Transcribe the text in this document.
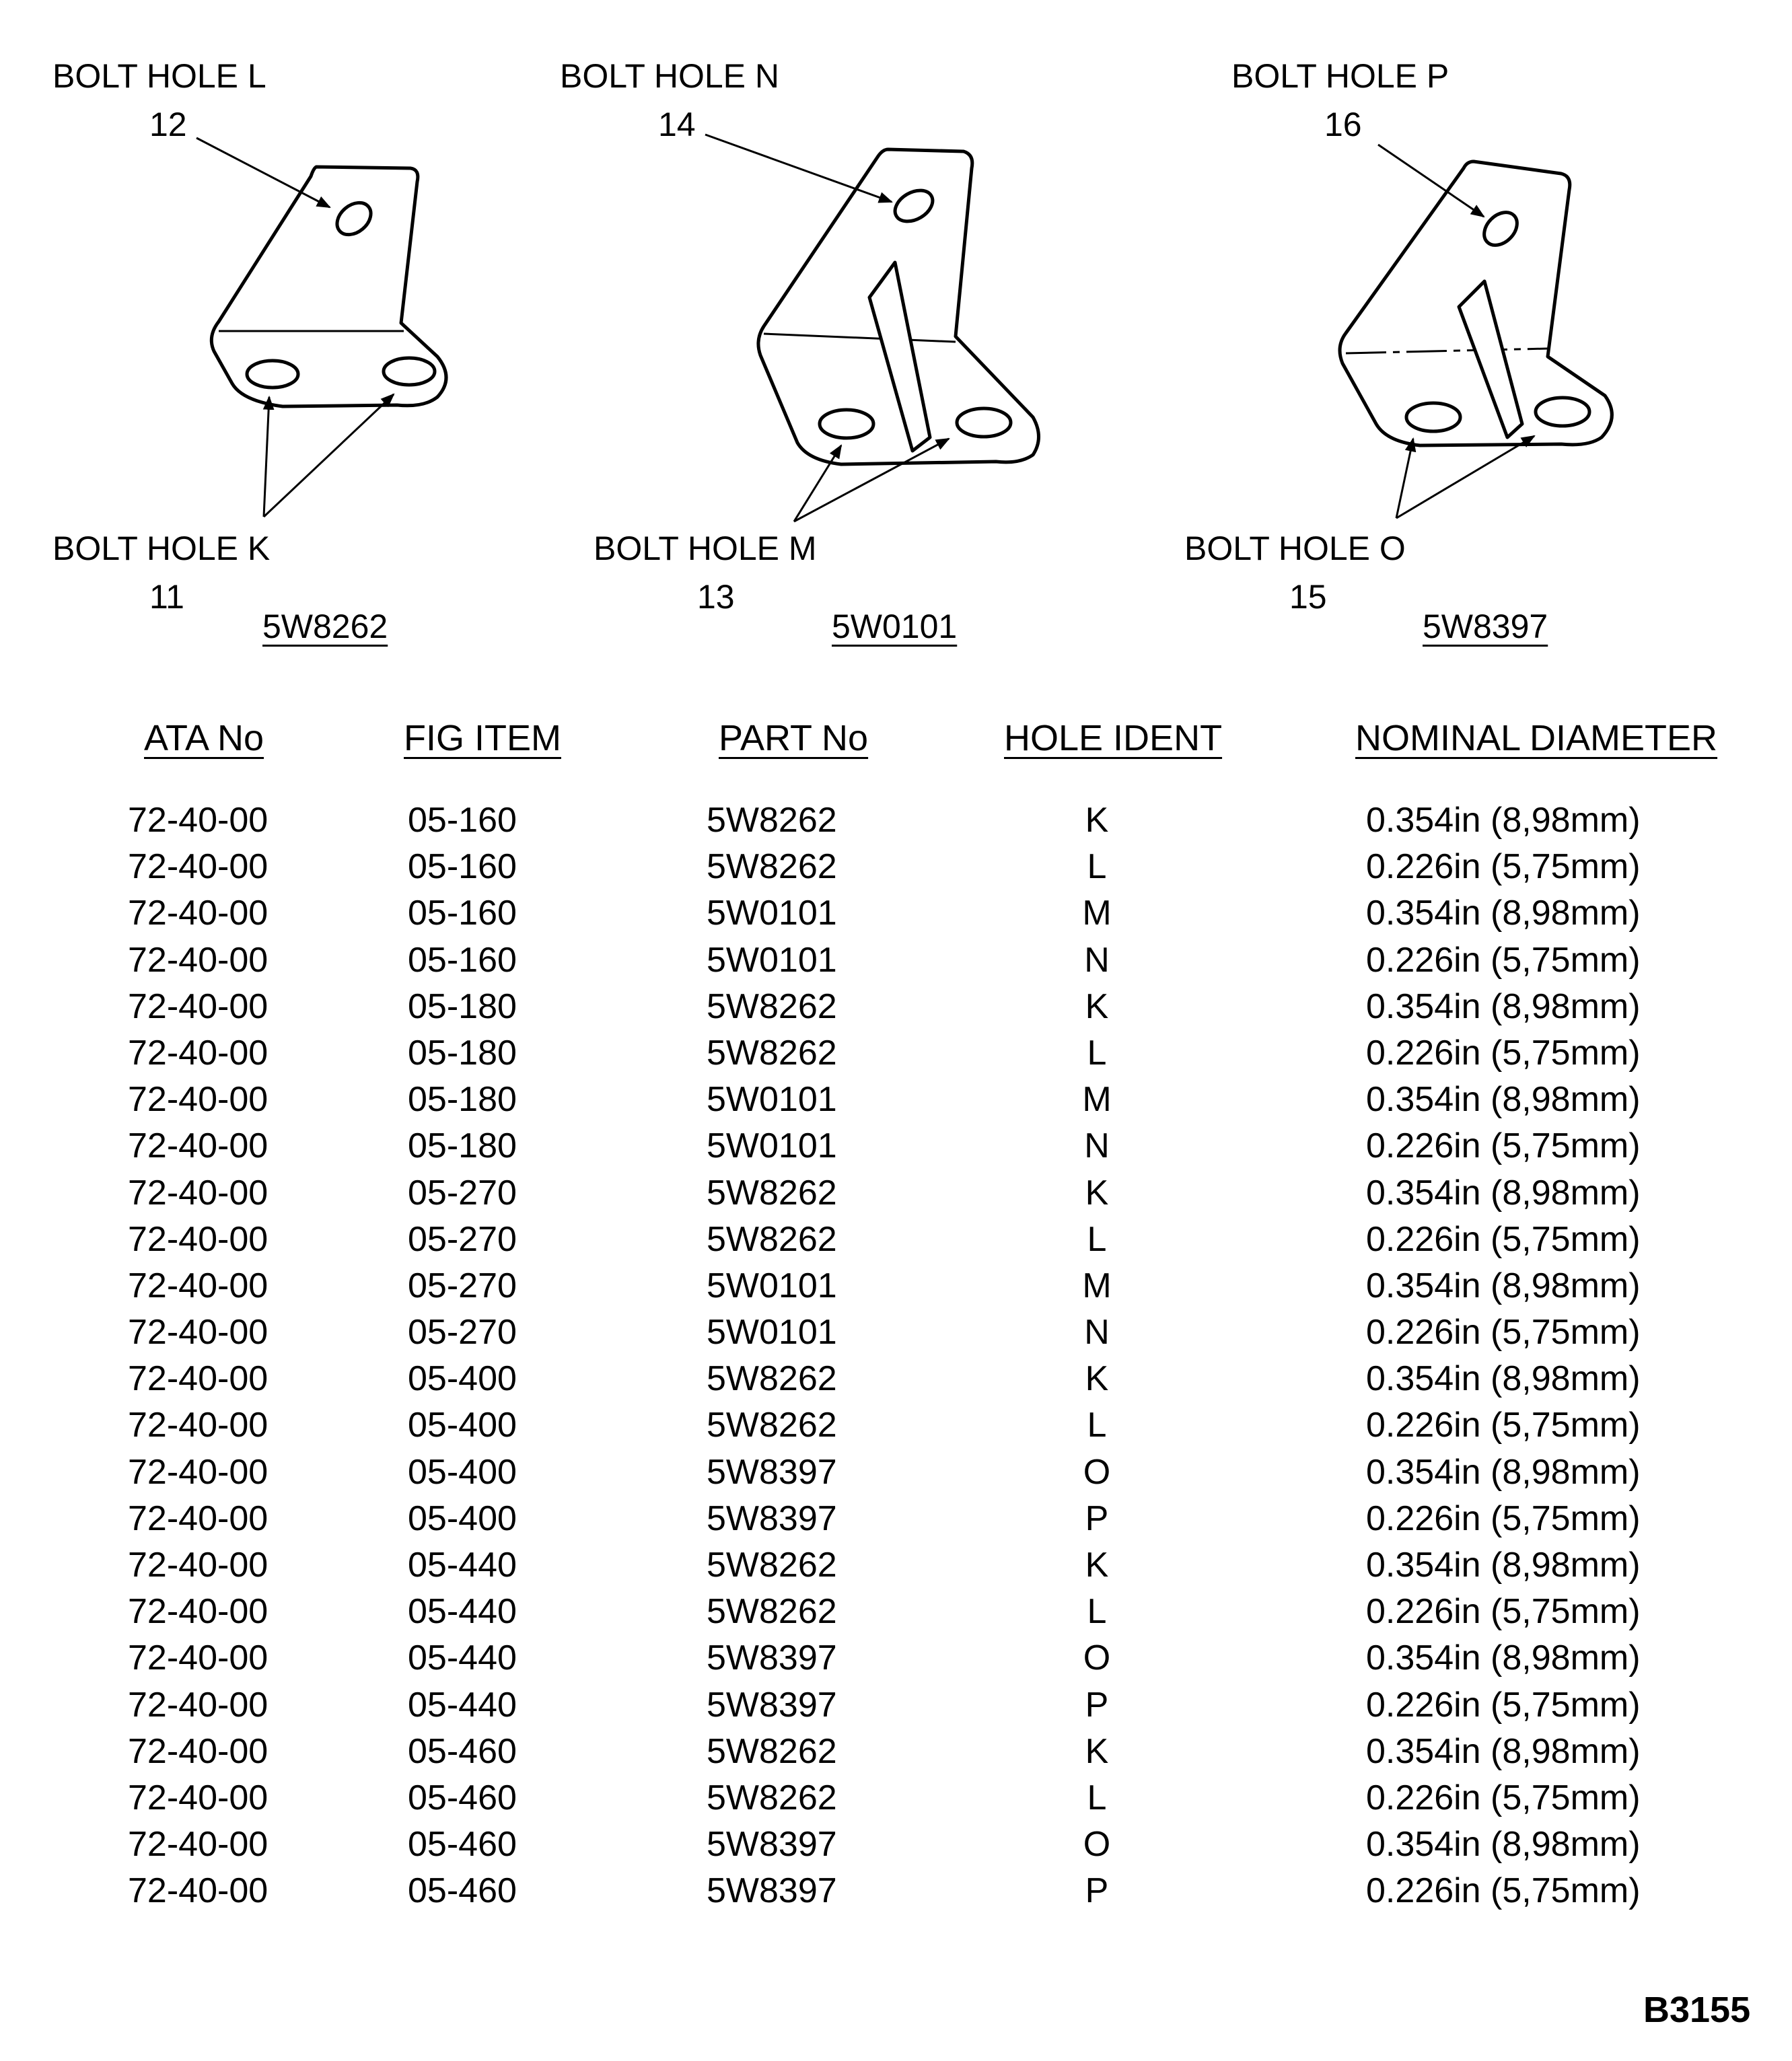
BOLT HOLE L
12
BOLT HOLE K
11
5W8262
BOLT HOLE N
14
BOLT HOLE M
13
5W0101
BOLT HOLE P
16
BOLT HOLE O
15
5W8397
ATA No	FIG ITEM	PART No	HOLE IDENT	NOMINAL DIAMETER
72-40-00	05-160	5W8262	K	0.354in (8,98mm)
72-40-00	05-160	5W8262	L	0.226in (5,75mm)
72-40-00	05-160	5W0101	M	0.354in (8,98mm)
72-40-00	05-160	5W0101	N	0.226in (5,75mm)
72-40-00	05-180	5W8262	K	0.354in (8,98mm)
72-40-00	05-180	5W8262	L	0.226in (5,75mm)
72-40-00	05-180	5W0101	M	0.354in (8,98mm)
72-40-00	05-180	5W0101	N	0.226in (5,75mm)
72-40-00	05-270	5W8262	K	0.354in (8,98mm)
72-40-00	05-270	5W8262	L	0.226in (5,75mm)
72-40-00	05-270	5W0101	M	0.354in (8,98mm)
72-40-00	05-270	5W0101	N	0.226in (5,75mm)
72-40-00	05-400	5W8262	K	0.354in (8,98mm)
72-40-00	05-400	5W8262	L	0.226in (5,75mm)
72-40-00	05-400	5W8397	O	0.354in (8,98mm)
72-40-00	05-400	5W8397	P	0.226in (5,75mm)
72-40-00	05-440	5W8262	K	0.354in (8,98mm)
72-40-00	05-440	5W8262	L	0.226in (5,75mm)
72-40-00	05-440	5W8397	O	0.354in (8,98mm)
72-40-00	05-440	5W8397	P	0.226in (5,75mm)
72-40-00	05-460	5W8262	K	0.354in (8,98mm)
72-40-00	05-460	5W8262	L	0.226in (5,75mm)
72-40-00	05-460	5W8397	O	0.354in (8,98mm)
72-40-00	05-460	5W8397	P	0.226in (5,75mm)
B3155
